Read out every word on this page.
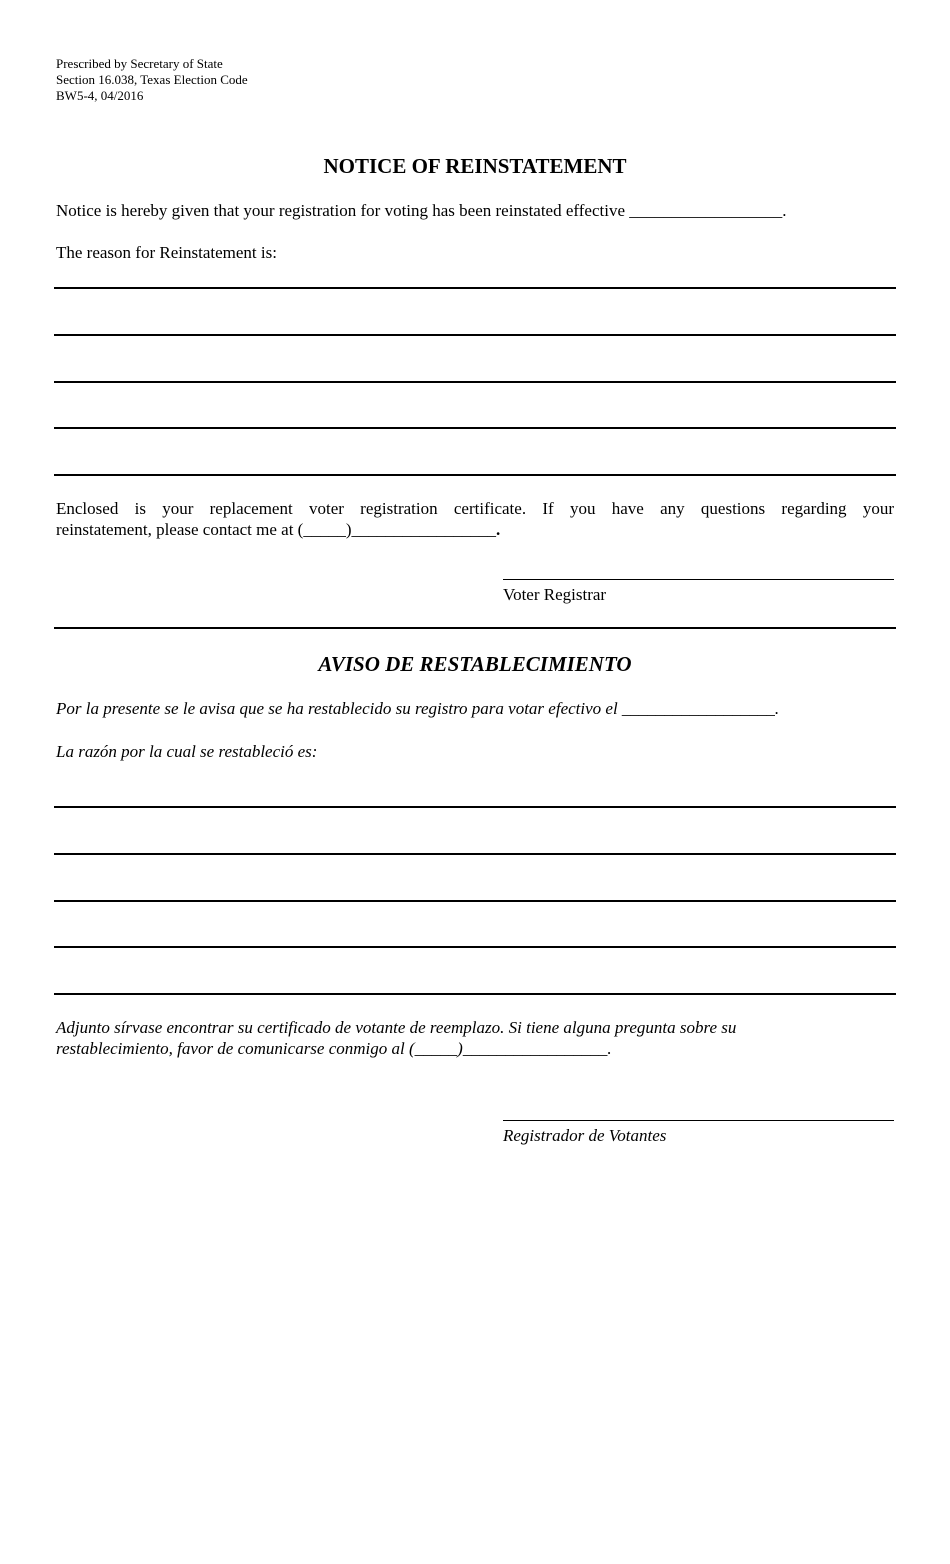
Prescribed by Secretary of State
Section 16.038, Texas Election Code
BW5-4, 04/2016
NOTICE OF REINSTATEMENT
Notice is hereby given that your registration for voting has been reinstated effective __________________.
The reason for Reinstatement is:
Enclosed is your replacement voter registration certificate. If you have any questions regarding your
reinstatement, please contact me at (_____)_________________.
Voter Registrar
AVISO DE RESTABLECIMIENTO
Por la presente se le avisa que se ha restablecido su registro para votar efectivo el __________________.
La razón por la cual se restableció es:
Adjunto sírvase encontrar su certificado de votante de reemplazo. Si tiene alguna pregunta sobre su
restablecimiento, favor de comunicarse conmigo al (_____)_________________.
Registrador de Votantes
